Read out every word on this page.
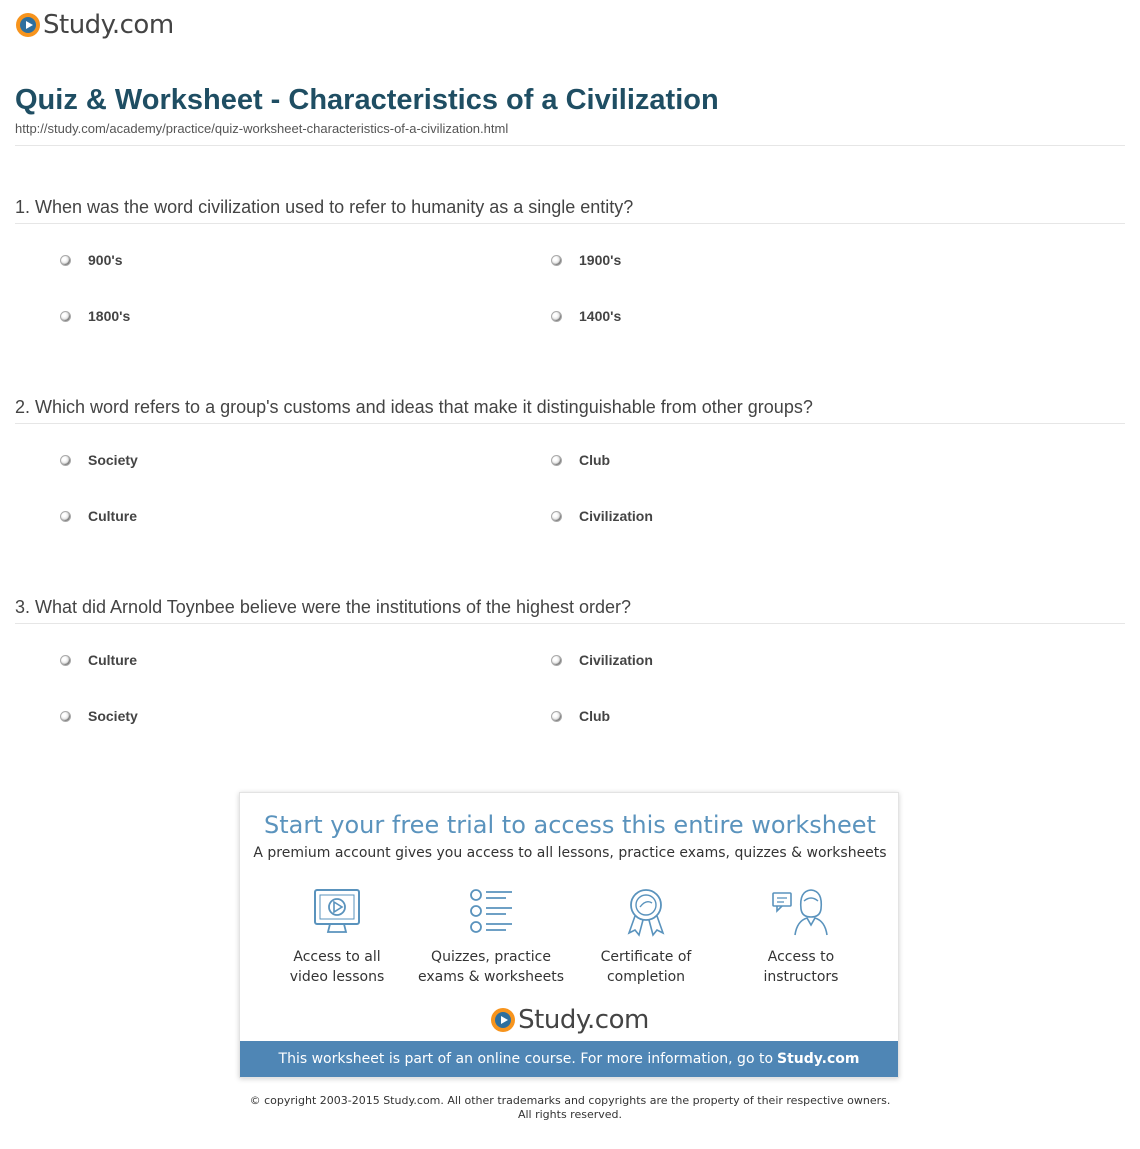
Study.com
Quiz & Worksheet - Characteristics of a Civilization
http://study.com/academy/practice/quiz-worksheet-characteristics-of-a-civilization.html
1. When was the word civilization used to refer to humanity as a single entity?
900's	1900's
1800's	1400's
2. Which word refers to a group's customs and ideas that make it distinguishable from other groups?
Society	Club
Culture	Civilization
3. What did Arnold Toynbee believe were the institutions of the highest order?
Culture	Civilization
Society	Club
Start your free trial to access this entire worksheet
A premium account gives you access to all lessons, practice exams, quizzes & worksheets
Access to all
video lessons
Quizzes, practice
exams & worksheets
Certificate of
completion
Access to
instructors
Study.com
This worksheet is part of an online course. For more information, go to Study.com
© copyright 2003-2015 Study.com. All other trademarks and copyrights are the property of their respective owners.
All rights reserved.
